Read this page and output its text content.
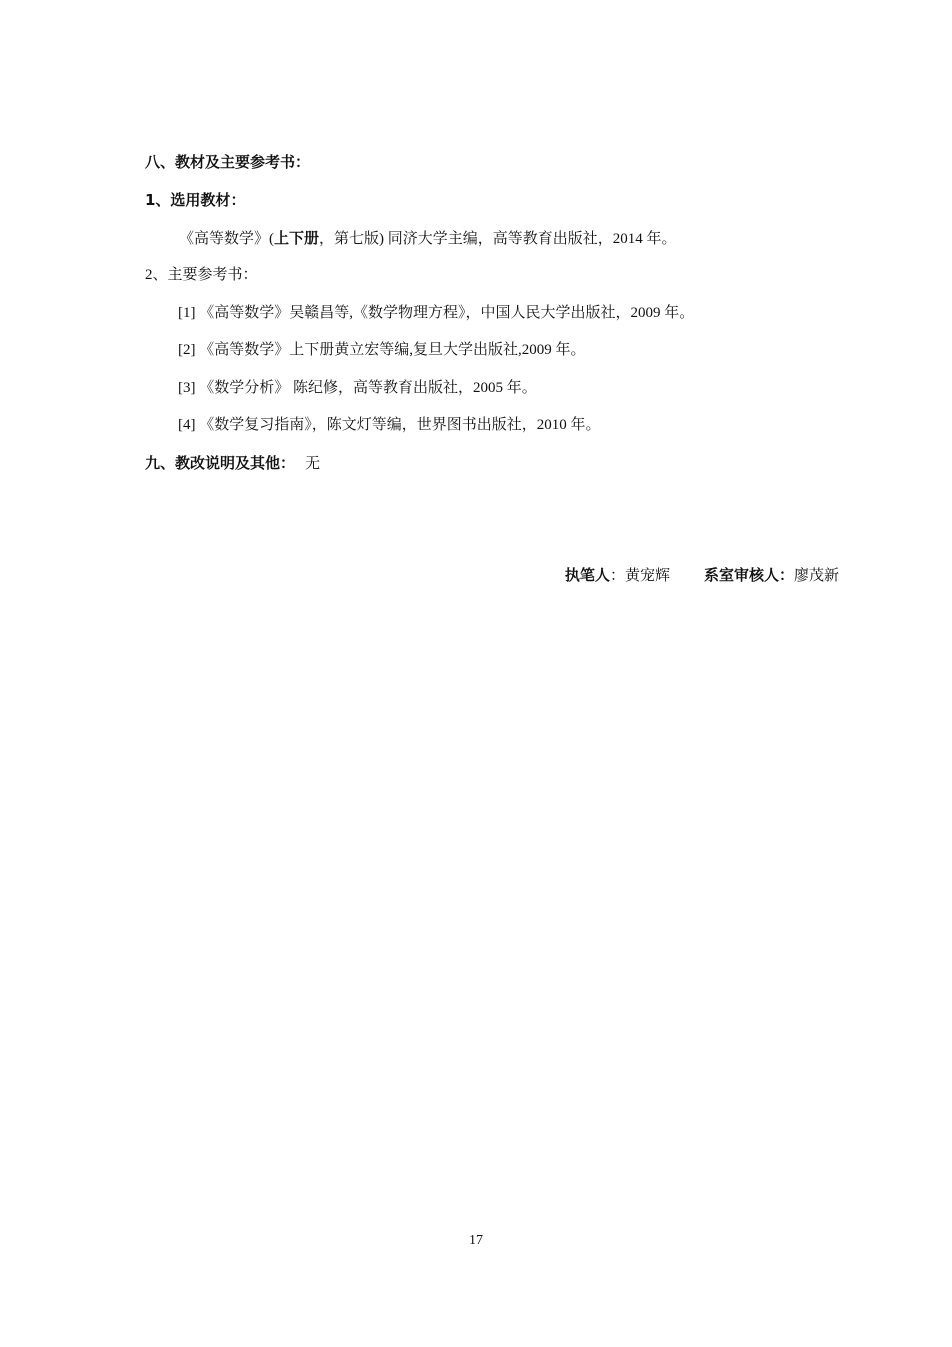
八、教材及主要参考书：
1、选用教材：
《高等数学》(上下册，第七版) 同济大学主编，高等教育出版社，2014 年。
2、主要参考书：
[1] 《高等数学》吴赣昌等,《数学物理方程》，中国人民大学出版社，2009 年。
[2] 《高等数学》上下册黄立宏等编,复旦大学出版社,2009 年。
[3] 《数学分析》 陈纪修，高等教育出版社，2005 年。
[4] 《数学复习指南》，陈文灯等编，世界图书出版社，2010 年。
九、教改说明及其他： 无
执笔人：黄宠辉 系室审核人：廖茂新
17
